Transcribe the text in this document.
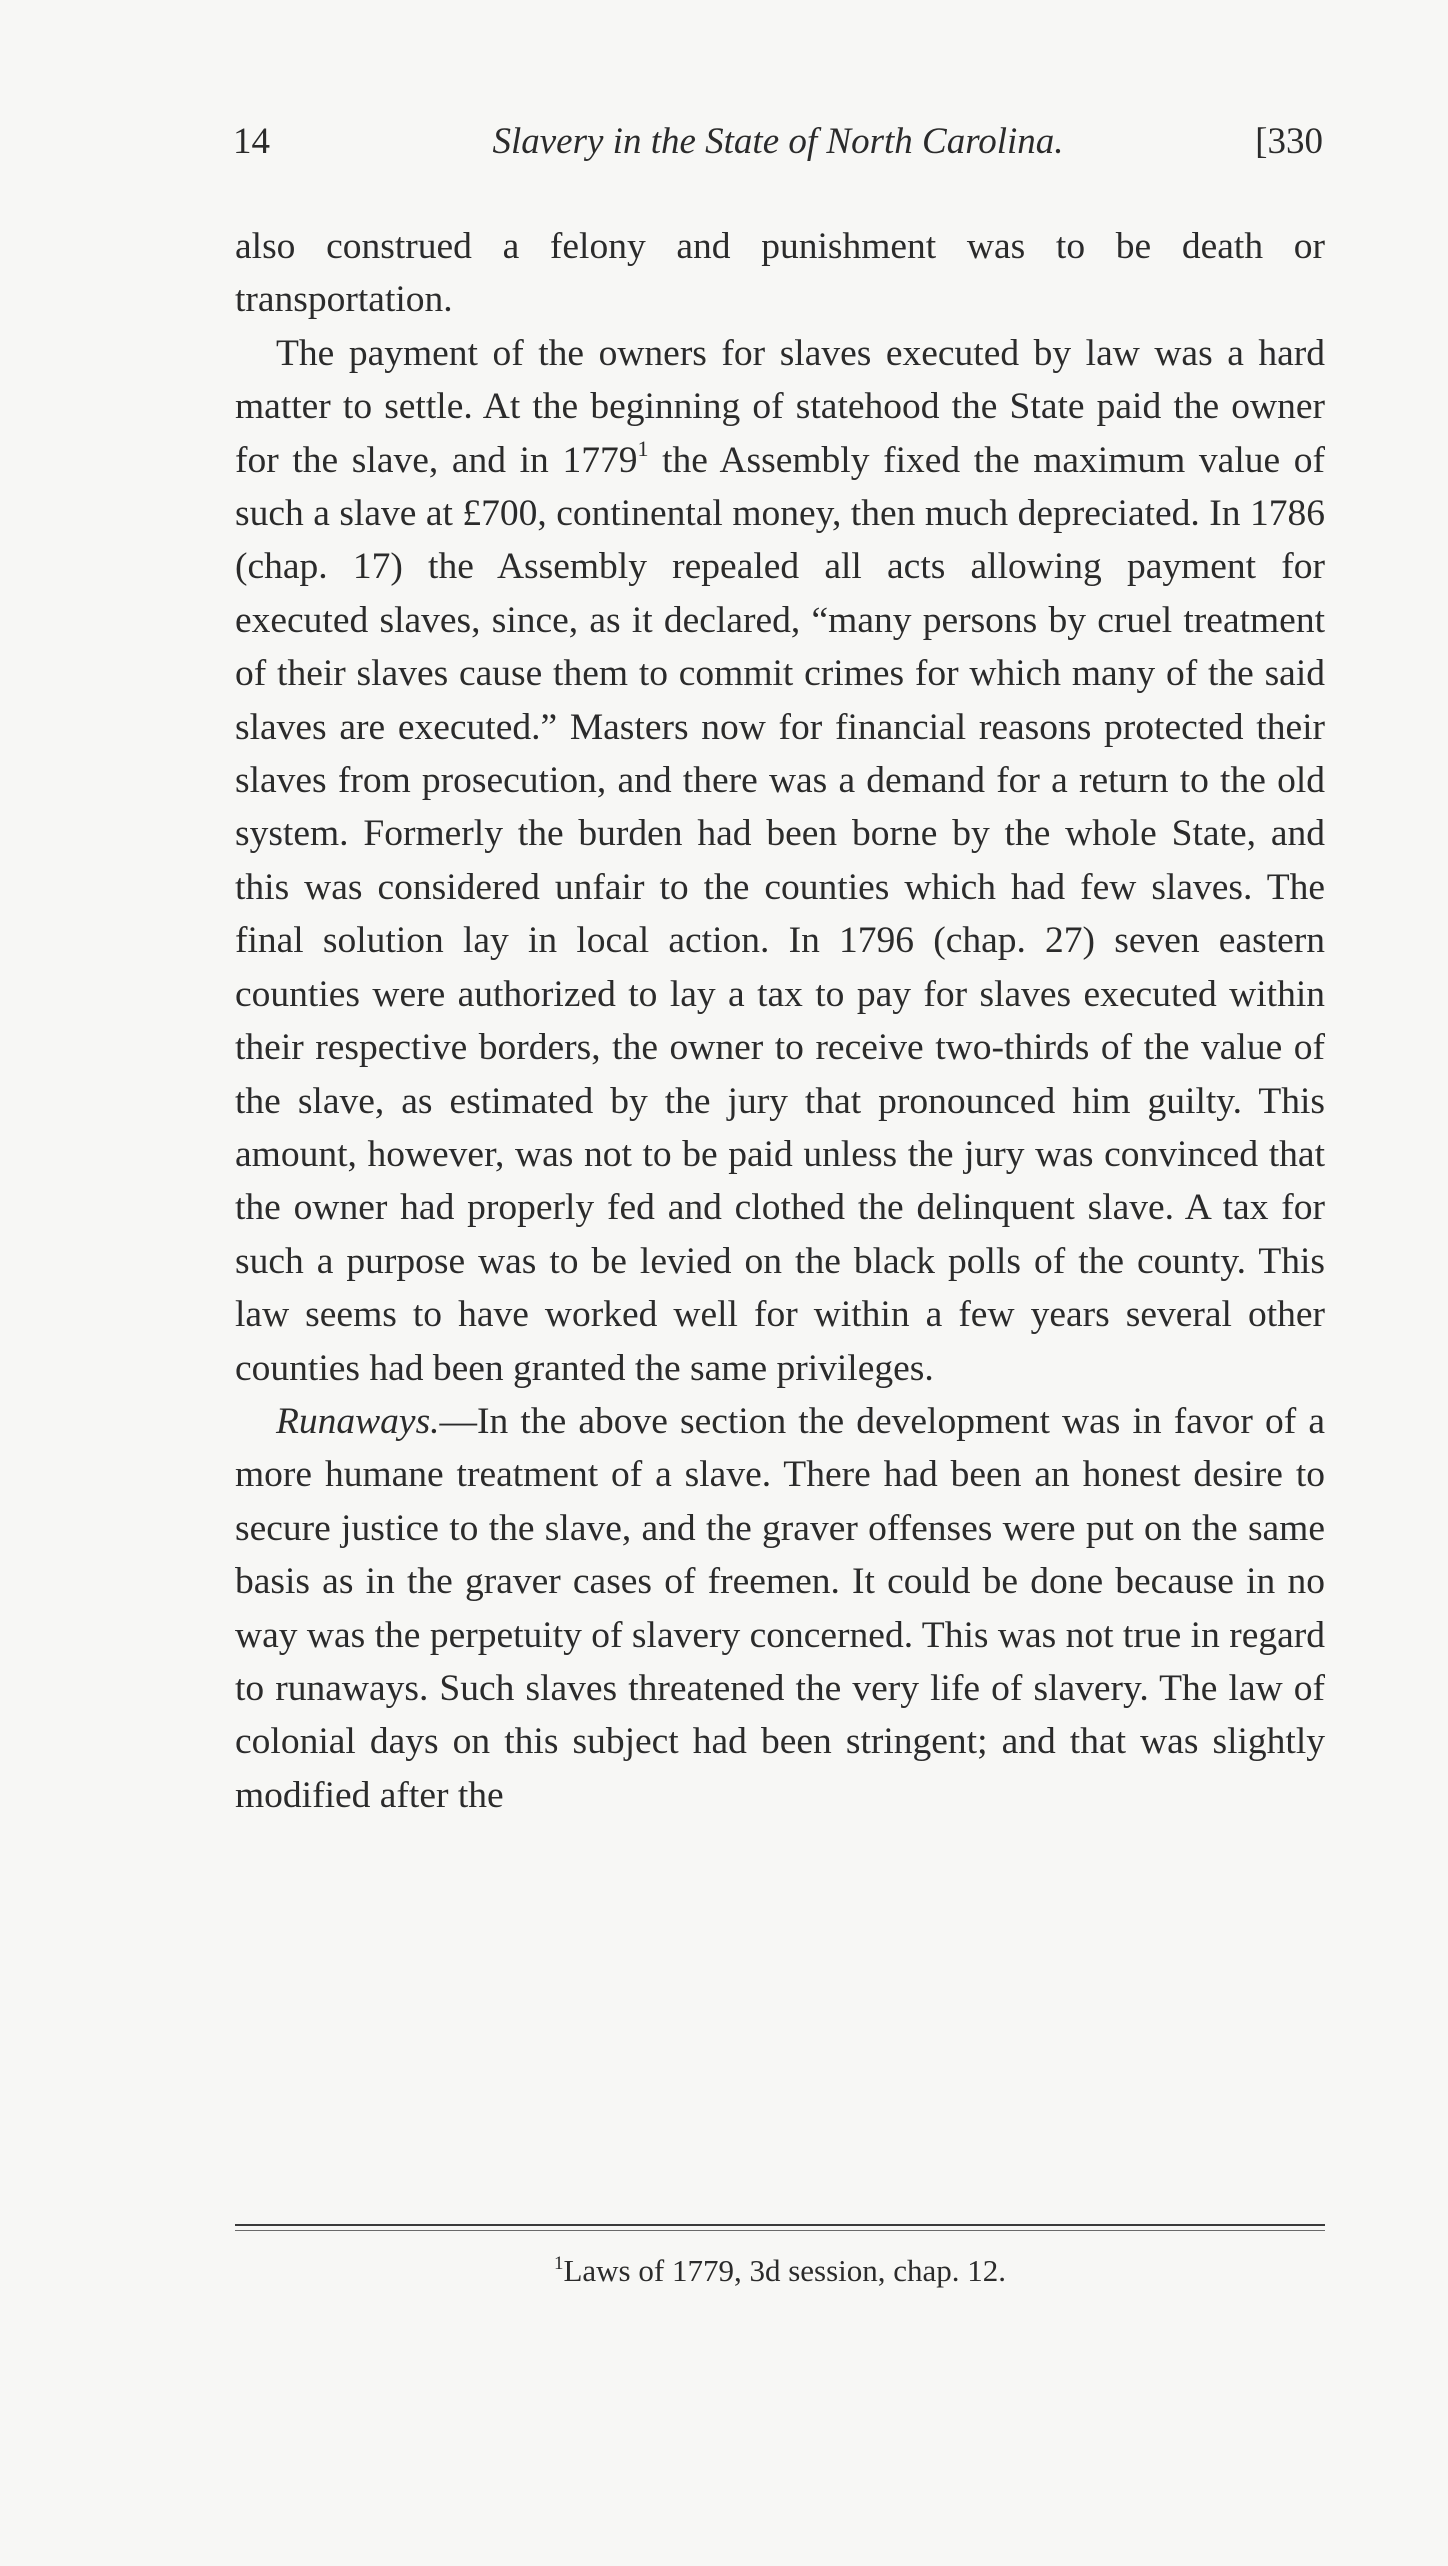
14	Slavery in the State of North Carolina.	[330

also construed a felony and punishment was to be death or transportation.

The payment of the owners for slaves executed by law was a hard matter to settle. At the beginning of statehood the State paid the owner for the slave, and in 1779$^1$ the Assembly fixed the maximum value of such a slave at £700, continental money, then much depreciated. In 1786 (chap. 17) the Assembly repealed all acts allowing payment for executed slaves, since, as it declared, “many persons by cruel treatment of their slaves cause them to commit crimes for which many of the said slaves are executed.” Masters now for financial reasons protected their slaves from prosecution, and there was a demand for a return to the old system. Formerly the burden had been borne by the whole State, and this was considered unfair to the counties which had few slaves. The final solution lay in local action. In 1796 (chap. 27) seven eastern counties were authorized to lay a tax to pay for slaves executed within their respective borders, the owner to receive two-thirds of the value of the slave, as estimated by the jury that pronounced him guilty. This amount, however, was not to be paid unless the jury was convinced that the owner had properly fed and clothed the delinquent slave. A tax for such a purpose was to be levied on the black polls of the county. This law seems to have worked well for within a few years several other counties had been granted the same privileges.

Runaways.—In the above section the development was in favor of a more humane treatment of a slave. There had been an honest desire to secure justice to the slave, and the graver offenses were put on the same basis as in the graver cases of freemen. It could be done because in no way was the perpetuity of slavery concerned. This was not true in regard to runaways. Such slaves threatened the very life of slavery. The law of colonial days on this subject had been stringent; and that was slightly modified after the

$^1$Laws of 1779, 3d session, chap. 12.
